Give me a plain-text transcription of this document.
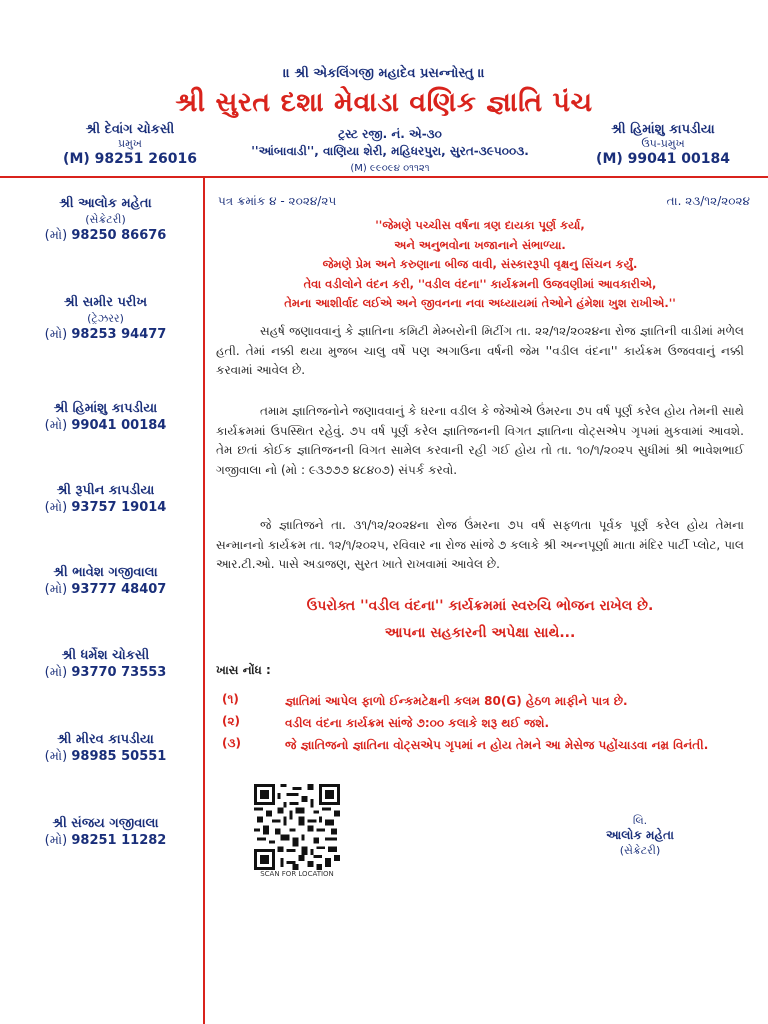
॥ શ્રી એકલિંગજી મહાદેવ પ્રસન્નોસ્તુ ॥
શ્રી સુરત દશા મેવાડા વણિક જ્ઞાતિ પંચ
શ્રી દેવાંગ ચોકસી
પ્રમુખ
(M) 98251 26016
ટ્રસ્ટ રજી. નં. એ-૩૦
''આંબાવાડી'', વાણિયા શેરી, મહિધરપુરા, સુરત-૩૯૫૦૦૩.
(M) ૯૯૦૯૪ ૦૧૧૨૧
શ્રી હિમાંશુ કાપડીયા
ઉપ-પ્રમુખ
(M) 99041 00184
શ્રી આલોક મહેતા
(સેક્રેટરી)
(મો) 98250 86676
શ્રી સમીર પરીખ
(ટ્રેઝરર)
(મો) 98253 94477
શ્રી હિમાંશુ કાપડીયા
(મો) 99041 00184
શ્રી રૂપીન કાપડીયા
(મો) 93757 19014
શ્રી ભાવેશ ગજીવાલા
(મો) 93777 48407
શ્રી ધર્મેશ ચોકસી
(મો) 93770 73553
શ્રી મીરવ કાપડીયા
(મો) 98985 50551
શ્રી સંજય ગજીવાલા
(મો) 98251 11282
પત્ર ક્રમાંક ૪ - ૨૦૨૪/૨૫	તા. ૨૩/૧૨/૨૦૨૪
''જેમણે પચ્ચીસ વર્ષના ત્રણ દાયકા પૂર્ણ કર્યા,
અને અનુભવોના ખજાનાને સંભાળ્યા.
જેમણે પ્રેમ અને કરુણાના બીજ વાવી, સંસ્કારરૂપી વૃક્ષનુ સિંચન કર્યું.
તેવા વડીલોને વંદન કરી, ''વડીલ વંદના'' કાર્યક્રમની ઉજવણીમાં આવકારીએ,
તેમના આશીર્વાદ લઈએ અને જીવનના નવા અધ્યાયમાં તેઓને હંમેશા ખુશ રાખીએ.''
સહર્ષ જણાવવાનું કે જ્ઞાતિના કમિટી મેમ્બરોની મિટીંગ તા. ૨૨/૧૨/૨૦૨૪ના રોજ જ્ઞાતિની વાડીમાં મળેલ હતી. તેમાં નક્કી થયા મુજબ ચાલુ વર્ષે પણ અગાઉના વર્ષની જેમ ''વડીલ વંદના'' કાર્યક્રમ ઉજવવાનું નક્કી કરવામાં આવેલ છે.
તમામ જ્ઞાતિજનોને જણાવવાનું કે ઘરના વડીલ કે જેઓએ ઉંમરના ૭૫ વર્ષ પૂર્ણ કરેલ હોય તેમની સાથે કાર્યક્રમમાં ઉપસ્થિત રહેવું. ૭૫ વર્ષ પૂર્ણ કરેલ જ્ઞાતિજનની વિગત જ્ઞાતિના વોટ્સએપ ગૃપમાં મુકવામાં આવશે. તેમ છતાં કોઈક જ્ઞાતિજનની વિગત સામેલ કરવાની રહી ગઈ હોય તો તા. ૧૦/૧/૨૦૨૫ સુધીમાં શ્રી ભાવેશભાઈ ગજીવાલા નો (મો : ૯૩૭૭૭ ૪૮૪૦૭) સંપર્ક કરવો.
જે જ્ઞાતિજને તા. ૩૧/૧૨/૨૦૨૪ના રોજ ઉંમરના ૭૫ વર્ષ સફળતા પૂર્વક પૂર્ણ કરેલ હોય તેમના સન્માનનો કાર્યક્રમ તા. ૧૨/૧/૨૦૨૫, રવિવાર ના રોજ સાંજે ૭ કલાકે શ્રી અન્નપૂર્ણા માતા મંદિર પાર્ટી પ્લોટ, પાલ આર.ટી.ઓ. પાસે અડાજણ, સુરત ખાતે રાખવામાં આવેલ છે.
ઉપરોક્ત ''વડીલ વંદના'' કાર્યક્રમમાં સ્વરુચિ ભોજન રાખેલ છે.
આપના સહકારની અપેક્ષા સાથે...
ખાસ નોંધ :
(૧)	જ્ઞાતિમાં આપેલ ફાળો ઈન્કમટેક્ષની કલમ 80(G) હેઠળ માફીને પાત્ર છે.
(૨)	વડીલ વંદના કાર્યક્રમ સાંજે ૭:૦૦ કલાકે શરૂ થઈ જશે.
(૩)	જે જ્ઞાતિજનો જ્ઞાતિના વોટ્સએપ ગૃપમાં ન હોય તેમને આ મેસેજ પહોંચાડવા નમ્ર વિનંતી.
SCAN FOR LOCATION
લિ.
આલોક મહેતા
(સેક્રેટરી)
